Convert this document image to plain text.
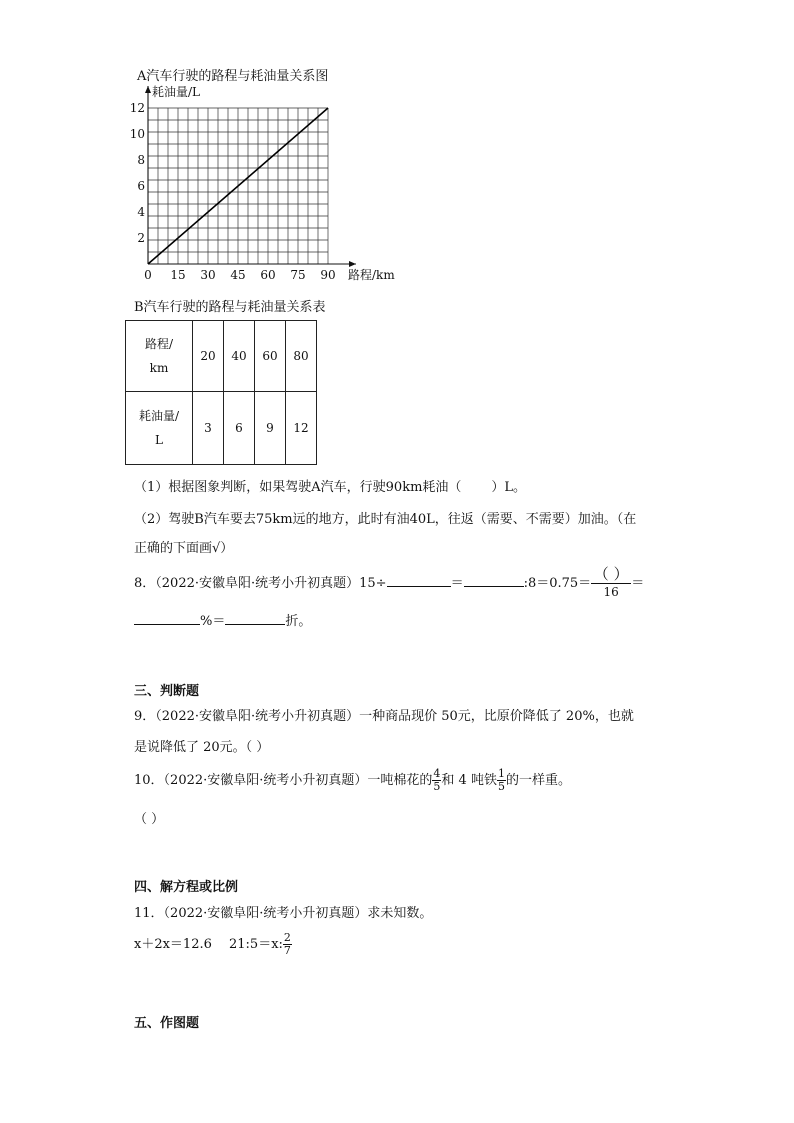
A汽车行驶的路程与耗油量关系图
0 15 30 45 60 75 90
2
4
6
8
10
12
路程/km
耗油量/L
B汽车行驶的路程与耗油量关系表
路程/
km	20	40	60	80
耗油量/
L	3	6	9	12
（1）根据图象判断，如果驾驶A汽车，行驶90km耗油（ ）L。
（2）驾驶B汽车要去75km远的地方，此时有油40L，往返（需要、不需要）加油。（在
正确的下面画√）
8．（2022·安徽阜阳·统考小升初真题）15÷	＝	:8＝0.75＝ $\frac{( )}{16}$ ＝
%＝	折。
三、判断题
9．（2022·安徽阜阳·统考小升初真题）一种商品现价 50元，比原价降低了 20%，也就
是说降低了 20元。（ ）
10．（2022·安徽阜阳·统考小升初真题）一吨棉花的 $\frac{4}{5}$ 和 4 吨铁 $\frac{1}{5}$ 的一样重。
（ ）
四、解方程或比例
11．（2022·安徽阜阳·统考小升初真题）求未知数。
x＋2x＝12.6　 21:5＝x: $\frac{2}{7}$
五、作图题
